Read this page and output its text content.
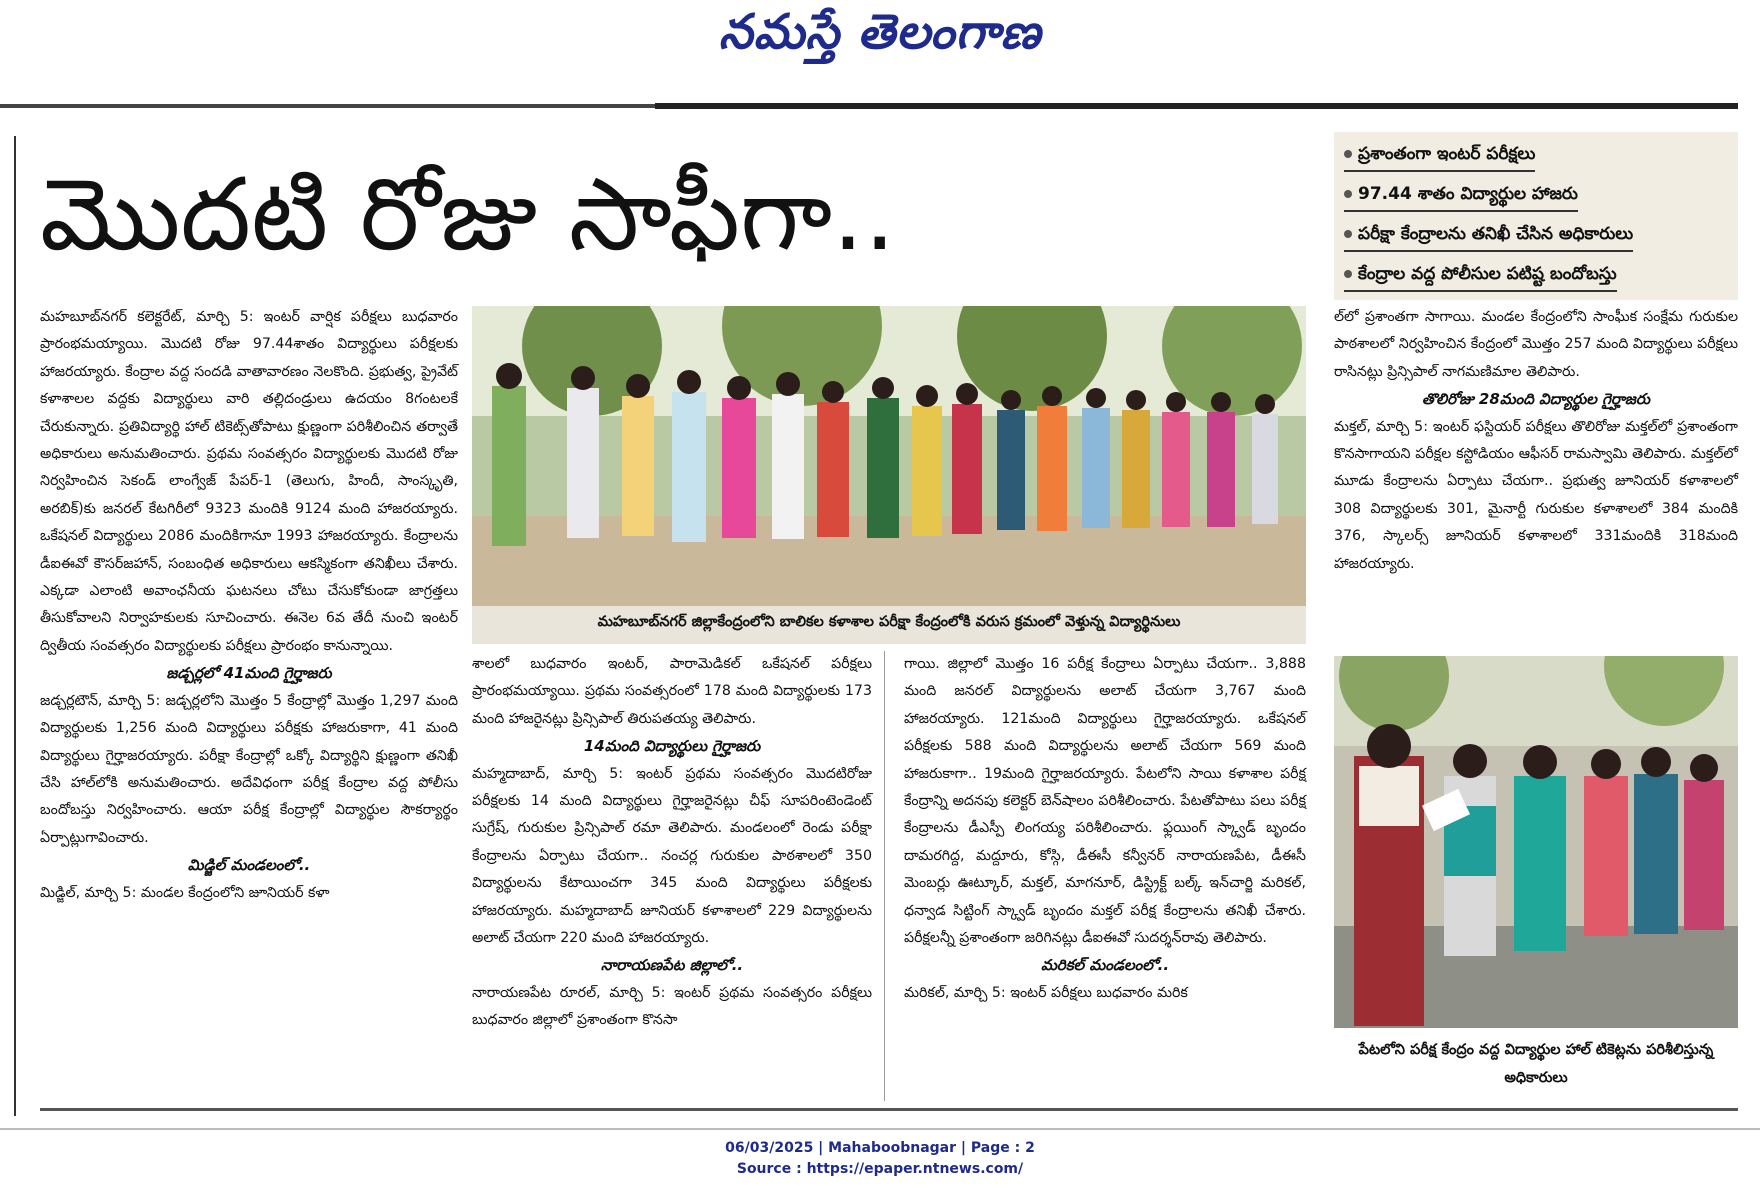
నమస్తే తెలంగాణ
మొదటి రోజు సాఫీగా..
ప్రశాంతంగా ఇంటర్ పరీక్షలు
97.44 శాతం విద్యార్థుల హాజరు
పరీక్షా కేంద్రాలను తనిఖీ చేసిన అధికారులు
కేంద్రాల వద్ద పోలీసుల పటిష్ట బందోబస్తు

మహబూబ్‌నగర్ కలెక్టరేట్, మార్చి 5: ఇంటర్ వార్షిక పరీక్షలు బుధవారం ప్రారంభమయ్యాయి. మొదటి రోజు 97.44శాతం విద్యార్థులు పరీక్షలకు హాజరయ్యారు. కేంద్రాల వద్ద సందడి వాతావారణం నెలకొంది. ప్రభుత్వ, ప్రైవేట్ కళాశాలల వద్దకు విద్యార్థులు వారి తల్లిదండ్రులు ఉదయం 8గంటలకే చేరుకున్నారు. ప్రతివిద్యార్థి హాల్ టికెట్స్‌తోపాటు క్షుణ్ణంగా పరిశీలించిన తర్వాతే అధికారులు అనుమతించారు. ప్రథమ సంవత్సరం విద్యార్థులకు మొదటి రోజు నిర్వహించిన సెకండ్ లాంగ్వేజ్ పేపర్-1 (తెలుగు, హిందీ, సాంస్కృతి, అరబిక్)కు జనరల్ కేటగిరీలో 9323 మందికి 9124 మంది హాజరయ్యారు. ఒకేషనల్ విద్యార్థులు 2086 మందికిగానూ 1993 హాజరయ్యారు. కేంద్రాలను డీఐఈవో కౌసర్‌జహాన్, సంబంధిత అధికారులు ఆకస్మికంగా తనిఖీలు చేశారు. ఎక్కడా ఎలాంటి అవాంఛనీయ ఘటనలు చోటు చేసుకోకుండా జాగ్రత్తలు తీసుకోవాలని నిర్వాహకులకు సూచించారు. ఈనెల 6వ తేదీ నుంచి ఇంటర్ ద్వితీయ సంవత్సరం విద్యార్థులకు పరీక్షలు ప్రారంభం కానున్నాయి.

జడ్చర్లలో 41మంది గైర్హాజరు

జడ్చర్లటౌన్, మార్చి 5: జడ్చర్లలోని మొత్తం 5 కేంద్రాల్లో మొత్తం 1,297 మంది విద్యార్థులకు 1,256 మంది విద్యార్థులు పరీక్షకు హాజరుకాగా, 41 మంది విద్యార్థులు గైర్హాజరయ్యారు. పరీక్షా కేంద్రాల్లో ఒక్కో విద్యార్థిని క్షుణ్ణంగా తనిఖీ చేసి హాల్‌లోకి అనుమతించారు. అదేవిధంగా పరీక్ష కేంద్రాల వద్ద పోలీసు బందోబస్తు నిర్వహించారు. ఆయా పరీక్ష కేంద్రాల్లో విద్యార్థుల సౌకర్యార్థం ఏర్పాట్లుగావించారు.

మిడ్జిల్ మండలంలో..

మిడ్జిల్, మార్చి 5: మండల కేంద్రంలోని జూనియర్ కళా

మహబూబ్‌నగర్ జిల్లాకేంద్రంలోని బాలికల కళాశాల పరీక్షా కేంద్రంలోకి వరుస క్రమంలో వెళ్తున్న విద్యార్థినులు

శాలలో బుధవారం ఇంటర్, పారామెడికల్ ఒకేషనల్ పరీక్షలు ప్రారంభమయ్యాయి. ప్రథమ సంవత్సరంలో 178 మంది విద్యార్థులకు 173 మంది హాజరైనట్లు ప్రిన్సిపాల్ తిరుపతయ్య తెలిపారు.

14మంది విద్యార్థులు గైర్హాజరు

మహ్మదాబాద్, మార్చి 5: ఇంటర్ ప్రథమ సంవత్సరం మొదటిరోజు పరీక్షలకు 14 మంది విద్యార్థులు గైర్హాజరైనట్లు చీఫ్ సూపరింటెండెంట్ సుగ్రేష్, గురుకుల ప్రిన్సిపాల్ రమా తెలిపారు. మండలంలో రెండు పరీక్షా కేంద్రాలను ఏర్పాటు చేయగా.. నంచర్ల గురుకుల పాఠశాలలో 350 విద్యార్థులను కేటాయించగా 345 మంది విద్యార్థులు పరీక్షలకు హాజరయ్యారు. మహ్మదాబాద్ జూనియర్ కళాశాలలో 229 విద్యార్థులను అలాట్ చేయగా 220 మంది హాజరయ్యారు.

నారాయణపేట జిల్లాలో..

నారాయణపేట రూరల్, మార్చి 5: ఇంటర్ ప్రథమ సంవత్సరం పరీక్షలు బుధవారం జిల్లాలో ప్రశాంతంగా కొనసా

గాయి. జిల్లాలో మొత్తం 16 పరీక్ష కేంద్రాలు ఏర్పాటు చేయగా.. 3,888 మంది జనరల్ విద్యార్థులను అలాట్ చేయగా 3,767 మంది హాజరయ్యారు. 121మంది విద్యార్థులు గైర్హాజరయ్యారు. ఒకేషనల్ పరీక్షలకు 588 మంది విద్యార్థులను అలాట్ చేయగా 569 మంది హాజరుకాగా.. 19మంది గైర్హాజరయ్యారు. పేటలోని సాయి కళాశాల పరీక్ష కేంద్రాన్ని అదనపు కలెక్టర్ బెన్‌షాలం పరిశీలించారు. పేటతోపాటు పలు పరీక్ష కేంద్రాలను డీఎస్పీ లింగయ్య పరిశీలించారు. ఫ్లయింగ్ స్క్వాడ్ బృందం దామరగిద్ద, మద్దూరు, కోస్గి, డీఈసీ కన్వీనర్ నారాయణపేట, డీఈసీ మెంబర్లు ఊట్కూర్, మక్తల్, మాగనూర్, డిస్ట్రిక్ట్ బల్క్ ఇన్‌చార్జి మరికల్, ధన్వాడ సిట్టింగ్ స్క్వాడ్ బృందం మక్తల్ పరీక్ష కేంద్రాలను తనిఖీ చేశారు. పరీక్షలన్నీ ప్రశాంతంగా జరిగినట్లు డీఐఈవో సుదర్శన్‌రావు తెలిపారు.

మరికల్ మండలంలో..

మరికల్, మార్చి 5: ఇంటర్ పరీక్షలు బుధవారం మరిక

ల్‌లో ప్రశాంతగా సాగాయి. మండల కేంద్రంలోని సాంఘీక సంక్షేమ గురుకుల పాఠశాలలో నిర్వహించిన కేంద్రంలో మొత్తం 257 మంది విద్యార్థులు పరీక్షలు రాసినట్లు ప్రిన్సిపాల్ నాగమణిమాల తెలిపారు.

తొలిరోజు 28మంది విద్యార్థుల గైర్హాజరు

మక్తల్, మార్చి 5: ఇంటర్ ఫస్టియర్ పరీక్షలు తొలిరోజు మక్తల్‌లో ప్రశాంతంగా కొనసాగాయని పరీక్షల కస్టోడియం ఆఫీసర్ రామస్వామి తెలిపారు. మక్తల్‌లో మూడు కేంద్రాలను ఏర్పాటు చేయగా.. ప్రభుత్వ జూనియర్ కళాశాలలో 308 విద్యార్థులకు 301, మైనార్టీ గురుకుల కళాశాలలో 384 మందికి 376, స్కాలర్స్ జూనియర్ కళాశాలలో 331మందికి 318మంది హాజరయ్యారు.

పేటలోని పరీక్ష కేంద్రం వద్ద విద్యార్థుల హాల్ టికెట్లను పరిశీలిస్తున్న అధికారులు
06/03/2025 | Mahaboobnagar | Page : 2
Source : https://epaper.ntnews.com/
